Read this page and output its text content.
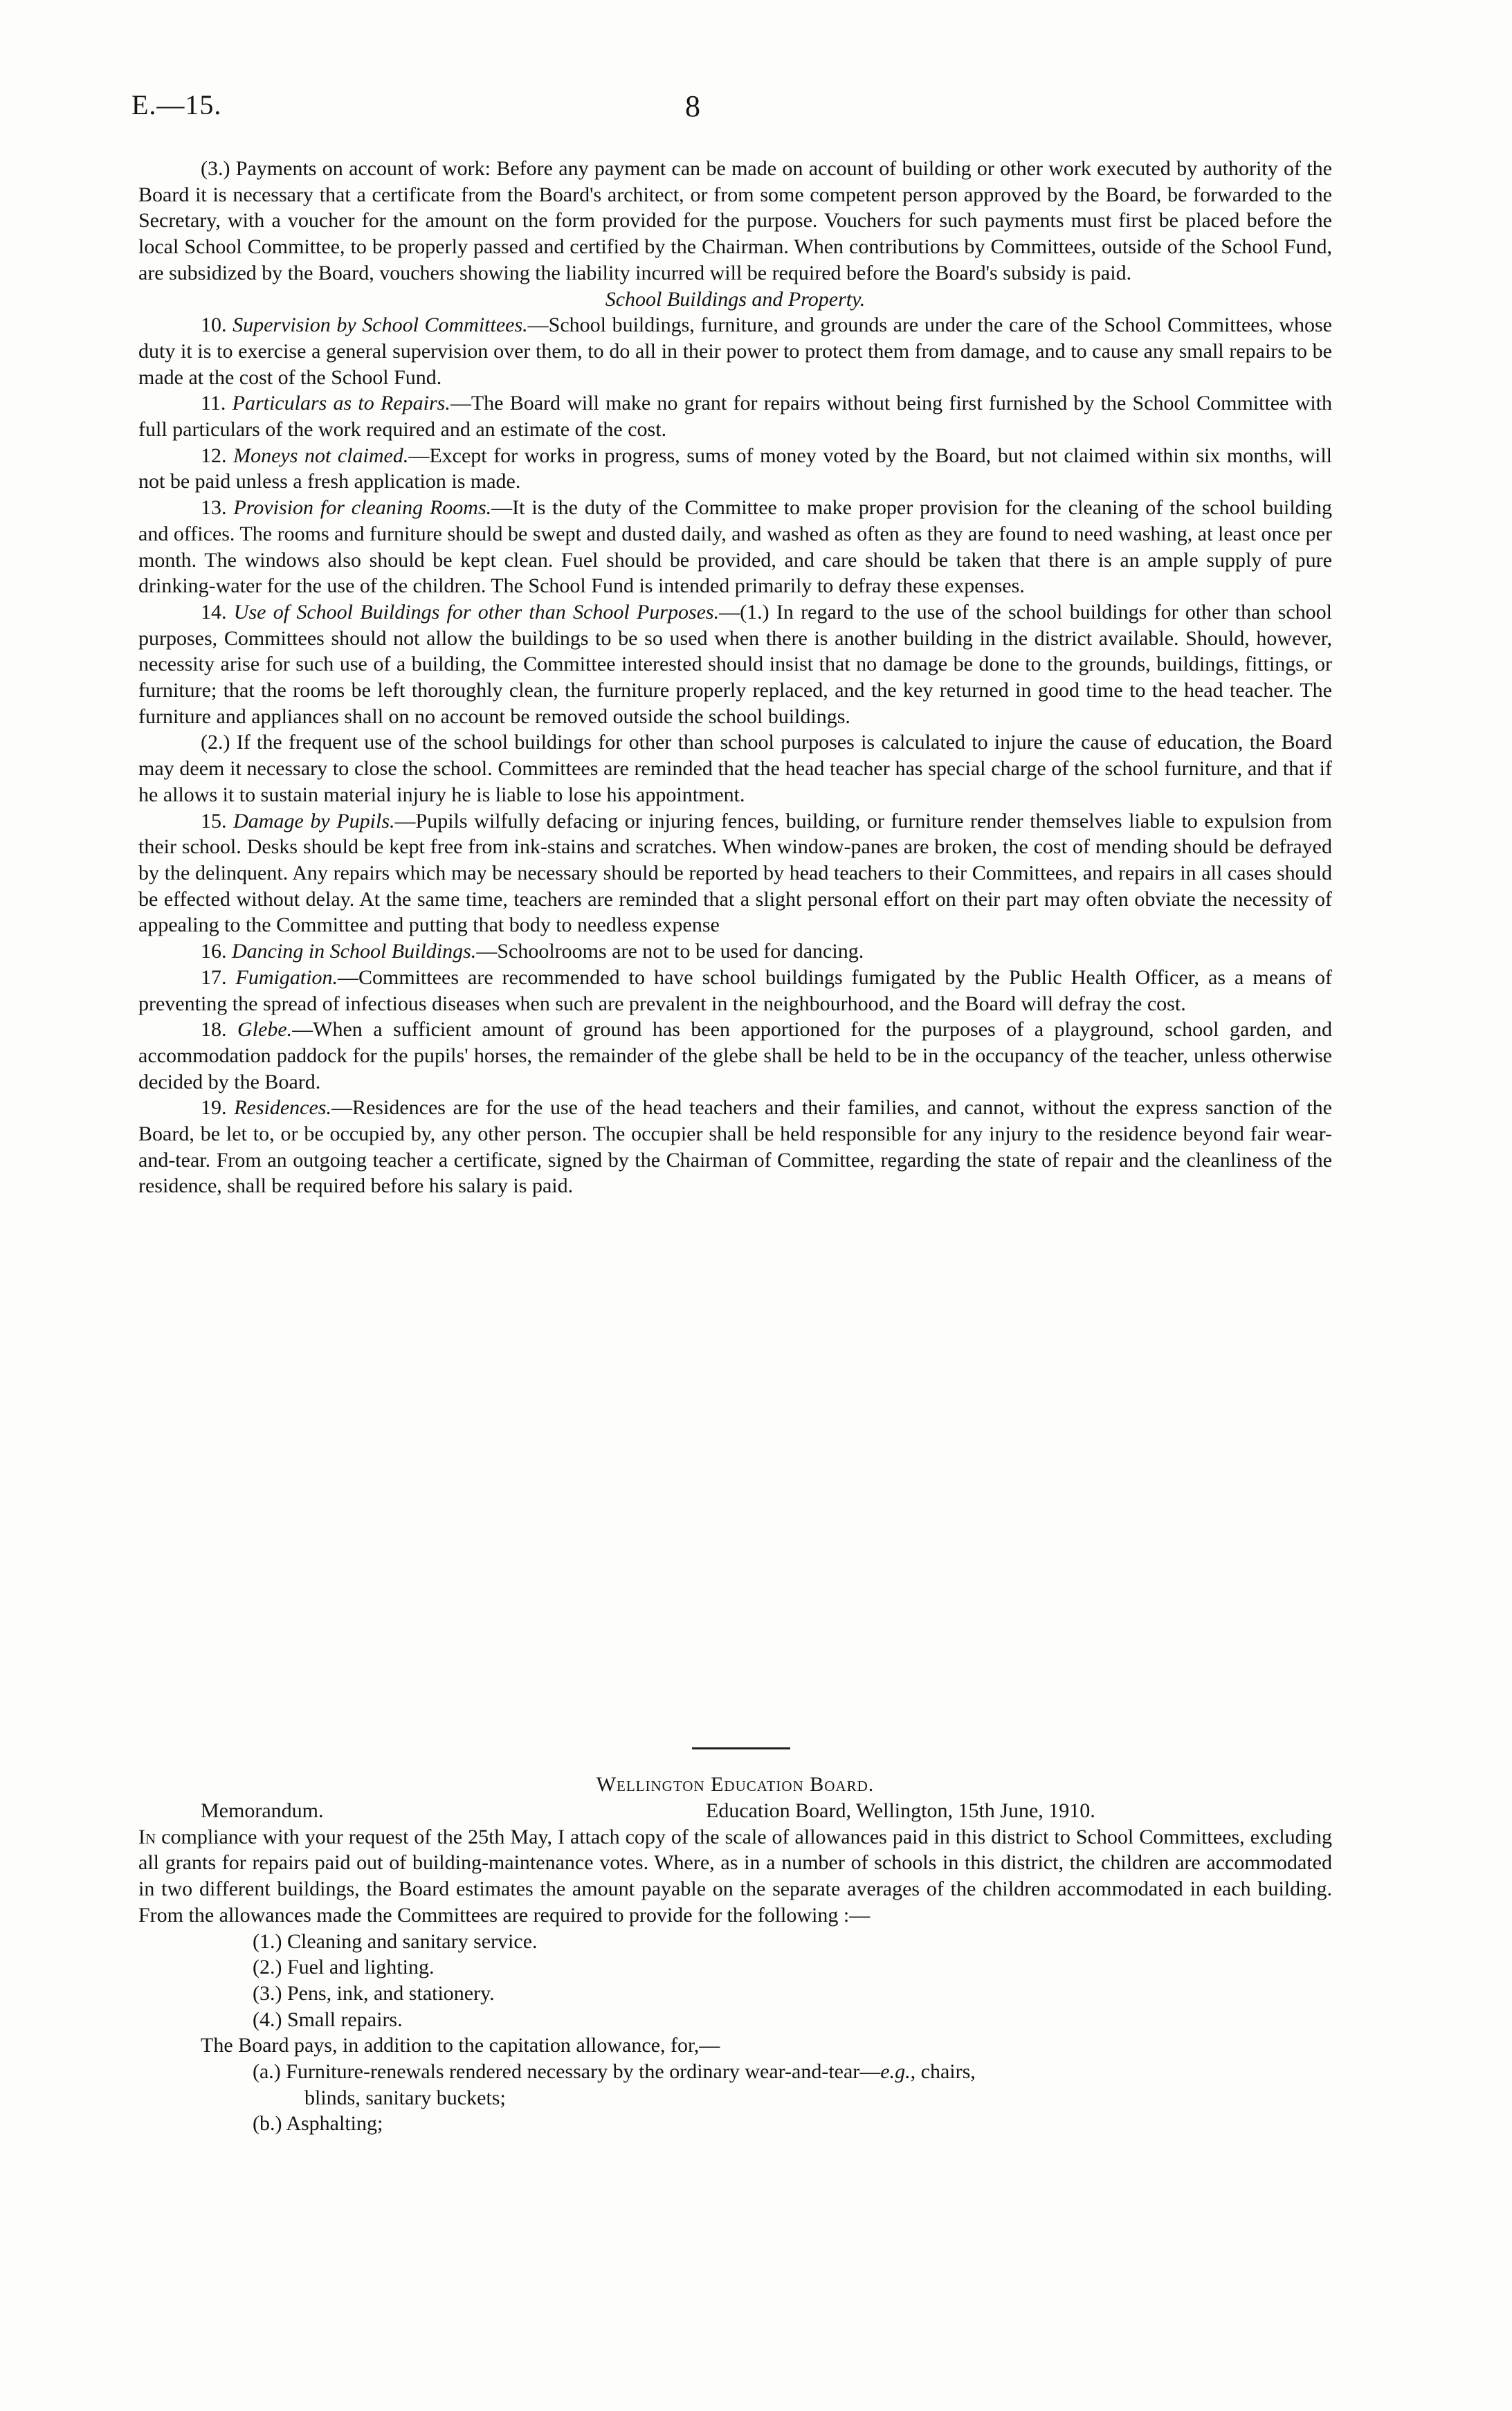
E.—15.	8

(3.) Payments on account of work: Before any payment can be made on account of building or other work executed by authority of the Board it is necessary that a certificate from the Board's architect, or from some competent person approved by the Board, be forwarded to the Secretary, with a voucher for the amount on the form provided for the purpose. Vouchers for such payments must first be placed before the local School Committee, to be properly passed and certified by the Chairman. When contributions by Committees, outside of the School Fund, are subsidized by the Board, vouchers showing the liability incurred will be required before the Board's subsidy is paid.

School Buildings and Property.

10. Supervision by School Committees.—School buildings, furniture, and grounds are under the care of the School Committees, whose duty it is to exercise a general supervision over them, to do all in their power to protect them from damage, and to cause any small repairs to be made at the cost of the School Fund.

11. Particulars as to Repairs.—The Board will make no grant for repairs without being first furnished by the School Committee with full particulars of the work required and an estimate of the cost.

12. Moneys not claimed.—Except for works in progress, sums of money voted by the Board, but not claimed within six months, will not be paid unless a fresh application is made.

13. Provision for cleaning Rooms.—It is the duty of the Committee to make proper provision for the cleaning of the school building and offices. The rooms and furniture should be swept and dusted daily, and washed as often as they are found to need washing, at least once per month. The windows also should be kept clean. Fuel should be provided, and care should be taken that there is an ample supply of pure drinking-water for the use of the children. The School Fund is intended primarily to defray these expenses.

14. Use of School Buildings for other than School Purposes.—(1.) In regard to the use of the school buildings for other than school purposes, Committees should not allow the buildings to be so used when there is another building in the district available. Should, however, necessity arise for such use of a building, the Committee interested should insist that no damage be done to the grounds, buildings, fittings, or furniture; that the rooms be left thoroughly clean, the furniture properly replaced, and the key returned in good time to the head teacher. The furniture and appliances shall on no account be removed outside the school buildings.

(2.) If the frequent use of the school buildings for other than school purposes is calculated to injure the cause of education, the Board may deem it necessary to close the school. Committees are reminded that the head teacher has special charge of the school furniture, and that if he allows it to sustain material injury he is liable to lose his appointment.

15. Damage by Pupils.—Pupils wilfully defacing or injuring fences, building, or furniture render themselves liable to expulsion from their school. Desks should be kept free from ink-stains and scratches. When window-panes are broken, the cost of mending should be defrayed by the delinquent. Any repairs which may be necessary should be reported by head teachers to their Committees, and repairs in all cases should be effected without delay. At the same time, teachers are reminded that a slight personal effort on their part may often obviate the necessity of appealing to the Committee and putting that body to needless expense

16. Dancing in School Buildings.—Schoolrooms are not to be used for dancing.

17. Fumigation.—Committees are recommended to have school buildings fumigated by the Public Health Officer, as a means of preventing the spread of infectious diseases when such are prevalent in the neighbourhood, and the Board will defray the cost.

18. Glebe.—When a sufficient amount of ground has been apportioned for the purposes of a playground, school garden, and accommodation paddock for the pupils' horses, the remainder of the glebe shall be held to be in the occupancy of the teacher, unless otherwise decided by the Board.

19. Residences.—Residences are for the use of the head teachers and their families, and cannot, without the express sanction of the Board, be let to, or be occupied by, any other person. The occupier shall be held responsible for any injury to the residence beyond fair wear-and-tear. From an outgoing teacher a certificate, signed by the Chairman of Committee, regarding the state of repair and the cleanliness of the residence, shall be required before his salary is paid.

Wellington Education Board.
Memorandum.	Education Board, Wellington, 15th June, 1910.

In compliance with your request of the 25th May, I attach copy of the scale of allowances paid in this district to School Committees, excluding all grants for repairs paid out of building-maintenance votes. Where, as in a number of schools in this district, the children are accommodated in two different buildings, the Board estimates the amount payable on the separate averages of the children accommodated in each building. From the allowances made the Committees are required to provide for the following :—

(1.) Cleaning and sanitary service.
(2.) Fuel and lighting.
(3.) Pens, ink, and stationery.
(4.) Small repairs.

The Board pays, in addition to the capitation allowance, for,—

(a.) Furniture-renewals rendered necessary by the ordinary wear-and-tear—e.g., chairs,
blinds, sanitary buckets;

(b.) Asphalting;
